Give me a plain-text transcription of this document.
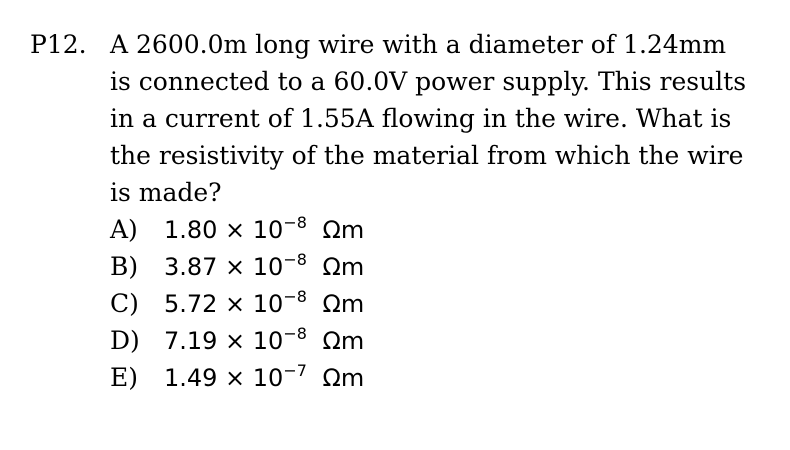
P12. A 2600.0m long wire with a diameter of 1.24mm is connected to a 60.0V power supply. This results in a current of 1.55A flowing in the wire. What is the resistivity of the material from which the wire is made?
A) $1.80 \times 10^{-8}$ Ωm
B) $3.87 \times 10^{-8}$ Ωm
C) $5.72 \times 10^{-8}$ Ωm
D) $7.19 \times 10^{-8}$ Ωm
E) $1.49 \times 10^{-7}$ Ωm
